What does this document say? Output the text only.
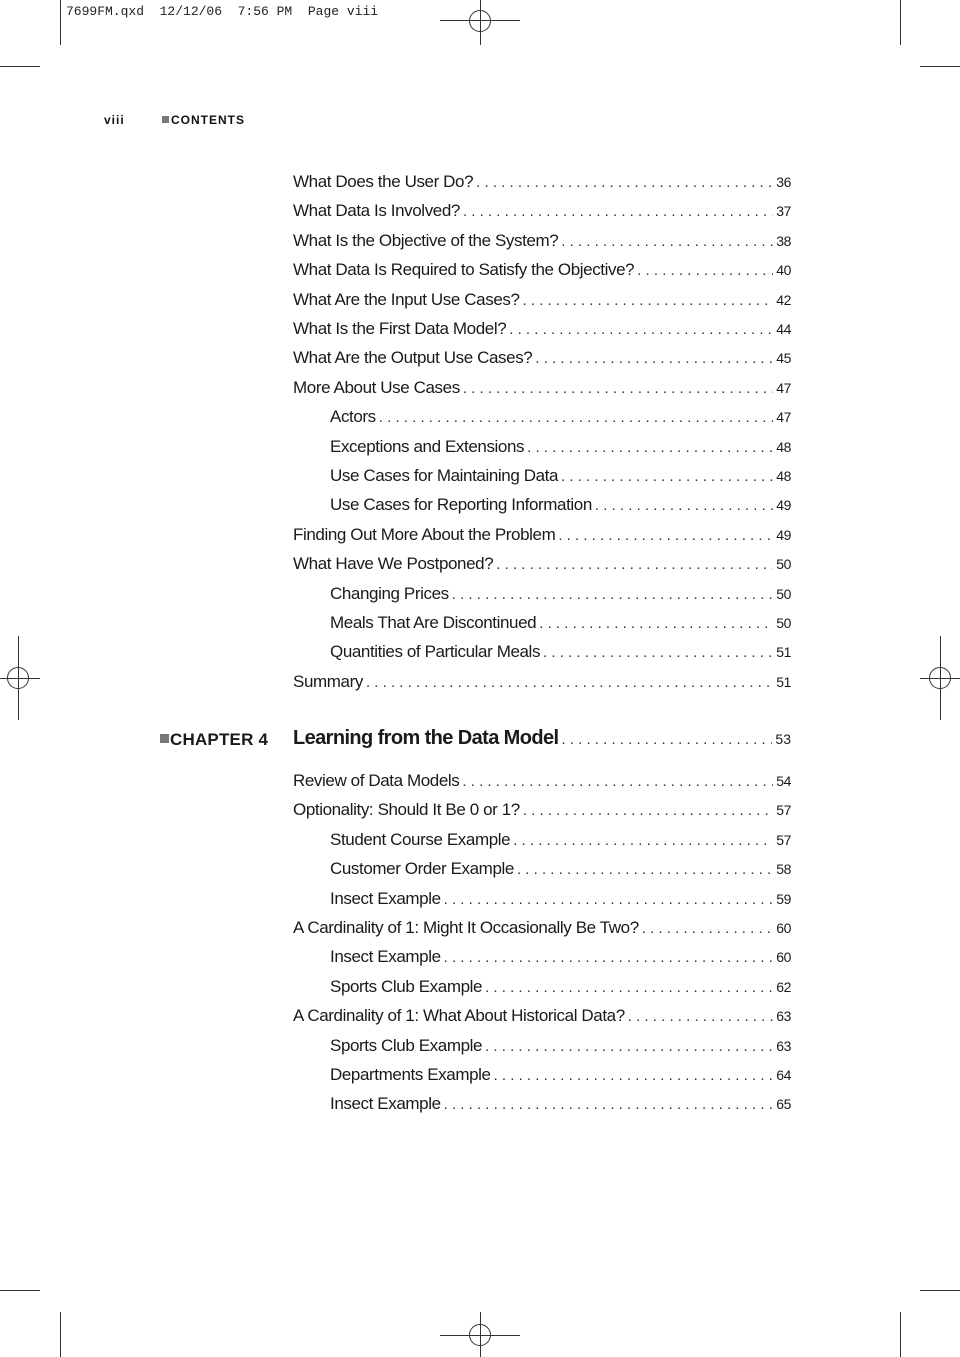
7699FM.qxd  12/12/06  7:56 PM  Page viii
viii	CONTENTS
What Does the User Do? . . .	36
What Data Is Involved? . . .	37
What Is the Objective of the System? . . .	38
What Data Is Required to Satisfy the Objective? . . .	40
What Are the Input Use Cases? . . .	42
What Is the First Data Model? . . .	44
What Are the Output Use Cases? . . .	45
More About Use Cases . . .	47
Actors . . .	47
Exceptions and Extensions . . .	48
Use Cases for Maintaining Data . . .	48
Use Cases for Reporting Information . . .	49
Finding Out More About the Problem . . .	49
What Have We Postponed? . . .	50
Changing Prices . . .	50
Meals That Are Discontinued . . .	50
Quantities of Particular Meals . . .	51
Summary . . .	51
CHAPTER 4 Learning from the Data Model . . .	53
Review of Data Models . . .	54
Optionality: Should It Be 0 or 1? . . .	57
Student Course Example . . .	57
Customer Order Example . . .	58
Insect Example . . .	59
A Cardinality of 1: Might It Occasionally Be Two? . . .	60
Insect Example . . .	60
Sports Club Example . . .	62
A Cardinality of 1: What About Historical Data? . . .	63
Sports Club Example . . .	63
Departments Example . . .	64
Insect Example . . .	65
